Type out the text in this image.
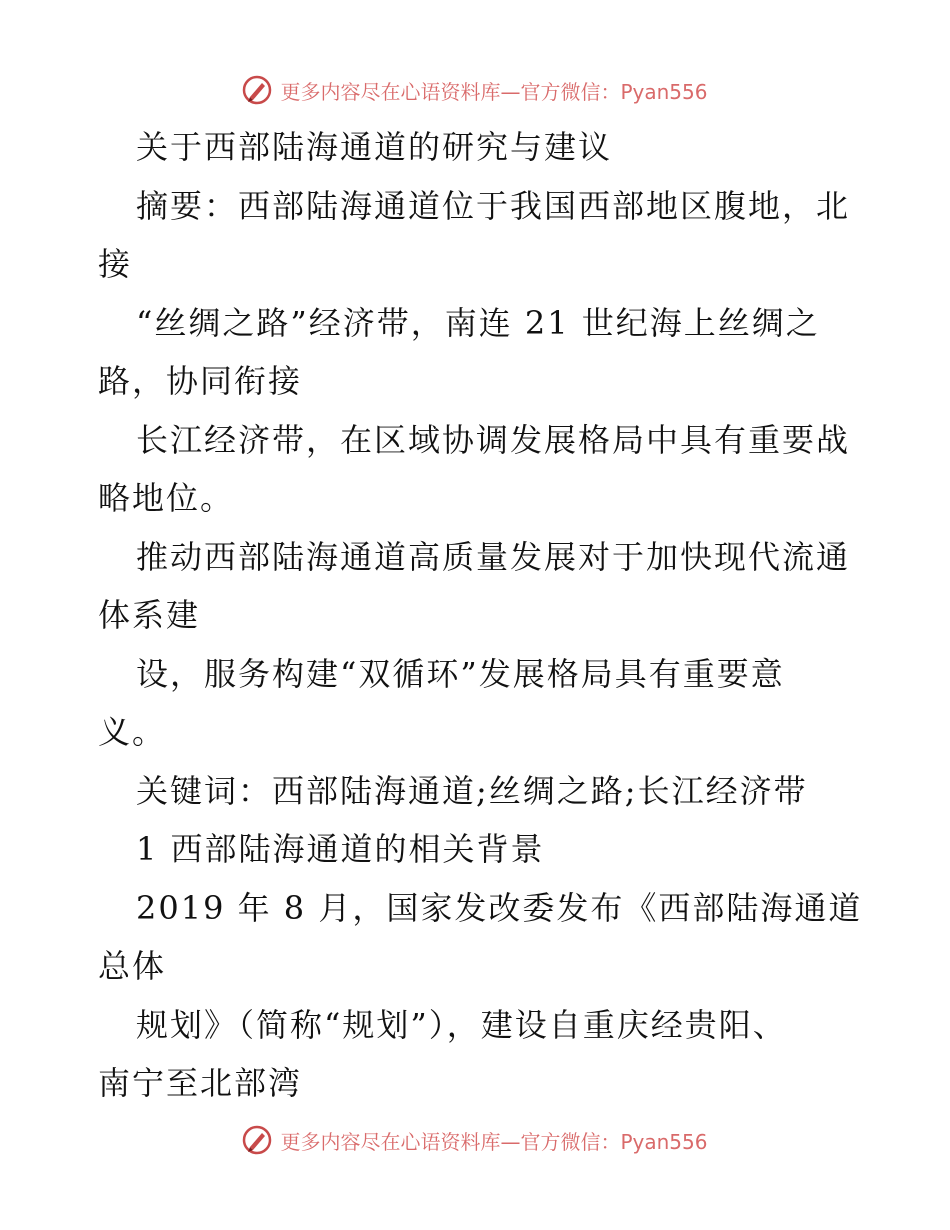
更多内容尽在心语资料库—官方微信：Pyan556
关于西部陆海通道的研究与建议
摘要：西部陆海通道位于我国西部地区腹地，北
接
“丝绸之路”经济带，南连 21 世纪海上丝绸之
路，协同衔接
长江经济带，在区域协调发展格局中具有重要战
略地位。
推动西部陆海通道高质量发展对于加快现代流通
体系建
设，服务构建“双循环”发展格局具有重要意
义。
关键词：西部陆海通道;丝绸之路;长江经济带
1 西部陆海通道的相关背景
2019 年 8 月，国家发改委发布《西部陆海通道
总体
规划》（简称“规划”），建设自重庆经贵阳、
南宁至北部湾
更多内容尽在心语资料库—官方微信：Pyan556
